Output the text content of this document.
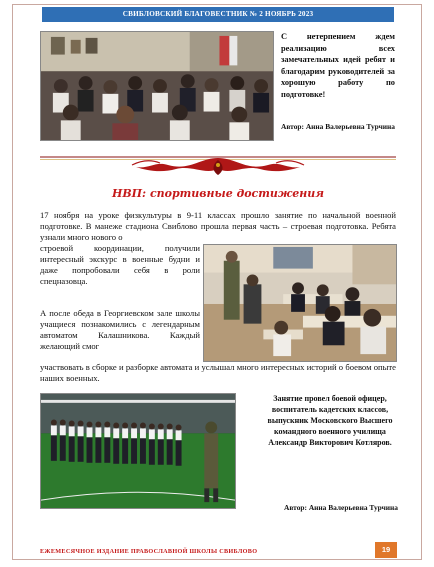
СВИБЛОВСКИЙ БЛАГОВЕСТНИК № 2 НОЯБРЬ 2023
С нетерпением ждем реализацию всех замечательных идей ребят и благодарим руководителей за хорошую работу по подготовке!
Автор: Анна Валерьевна Турчина
НВП: спортивные достижения
17 ноября на уроке физкультуры в 9-11 классах прошло занятие по начальной военной подготовке. В манеже стадиона Свиблово прошла первая часть – строевая подготовка. Ребята узнали много нового о
строевой координации, получили интересный экскурс в военные будни и даже попробовали себя в роли спецназовца.
А после обеда в Георгиевском зале школы учащиеся познакомились с легендарным автоматом Калашникова. Каждый желающий смог
участвовать в сборке и разборке автомата и услышал много интересных историй о боевом опыте наших военных.
Занятие провел боевой офицер, воспитатель кадетских классов, выпускник Московского Высшего командного военного училища Александр Викторович Котляров.
Автор: Анна Валерьевна Турчина
ЕЖЕМЕСЯЧНОЕ ИЗДАНИЕ ПРАВОСЛАВНОЙ ШКОЛЫ СВИБЛОВО	19
